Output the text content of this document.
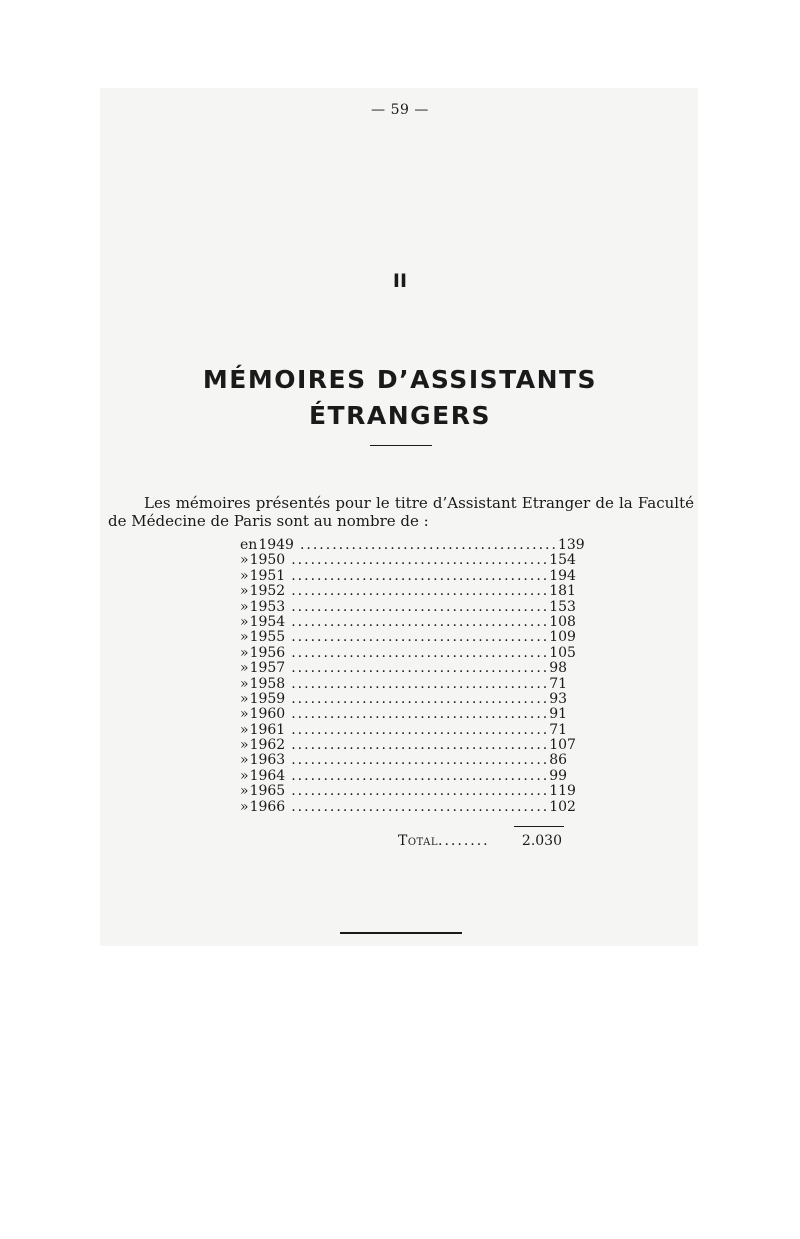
— 59 —
II
MÉMOIRES D’ASSISTANTS
ÉTRANGERS
Les mémoires présentés pour le titre d’Assistant Etranger de la Faculté
de Médecine de Paris sont au nombre de :
en 1949 ........................................ 139
» 1950 ........................................ 154
» 1951 ........................................ 194
» 1952 ........................................ 181
» 1953 ........................................ 153
» 1954 ........................................ 108
» 1955 ........................................ 109
» 1956 ........................................ 105
» 1957 ........................................ 98
» 1958 ........................................ 71
» 1959 ........................................ 93
» 1960 ........................................ 91
» 1961 ........................................ 71
» 1962 ........................................ 107
» 1963 ........................................ 86
» 1964 ........................................ 99
» 1965 ........................................ 119
» 1966 ........................................ 102
Total ........	2.030
